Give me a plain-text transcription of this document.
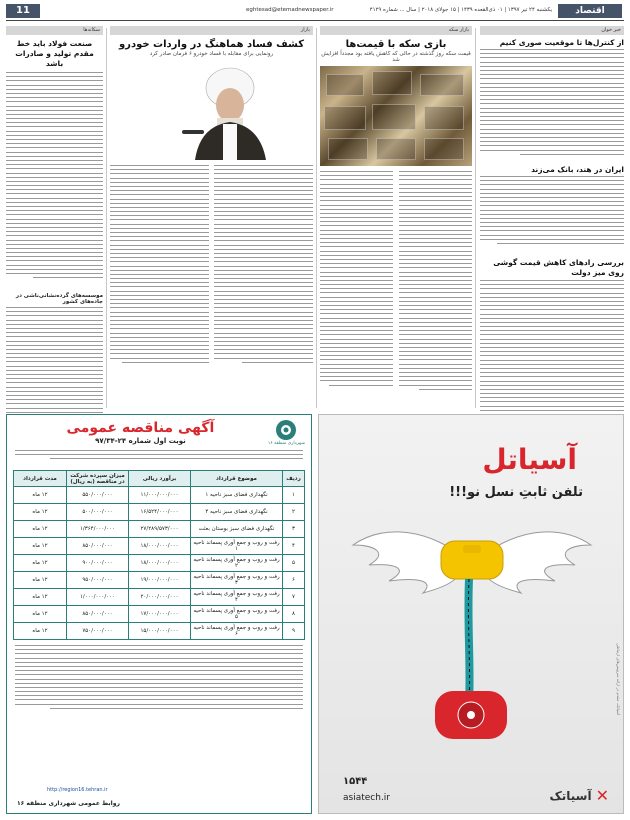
اقتصاد
یکشنبه ۲۴ تیر ۱۳۹۷ | ۰۱ ذی‌القعده ۱۴۳۹ | ۱۵ جولای ۲۰۱۸ | سال ... شماره ۴۱۲۹
eghtesad@etemadnewspaper.ir
11
خبر خوان
از کنترل‌ها تا موقعیت صوری کنیم
ایران در هند، بانک می‌زند
بررسی رادهای کاهش قیمت گوشی روی میز دولت
بازار سکه
بازی سکه با قیمت‌ها
قیمت سکه روز گذشته در حالی که کاهش یافته بود مجدداً افزایش شد
بازار
کشف فساد هماهنگ در واردات خودرو
رونمایی برای مقابله با فساد خودرو ۶ فرمان صادر کرد
سکانه‌ها
صنعت فولاد باید خط مقدم تولید و صادرات باشد
موسسه‌های گرده‌نشانی‌ناشی در جاده‌های کشور
آسیاتل
تلفن ثابتِ نسل نو!!!
asiatech.ir
۱۵۴۴
✕
آسیاتک
آسیاتک، مقدم در ارائه سرویس‌های ارتباطی
شهرداری منطقه ۱۶
آگهی مناقصه عمومی
نوبت اول شماره ۲۴-۹۷/۳۴
ردیف	موضوع قرارداد	برآورد ریالی	میزان سپرده شرکت در مناقصه (به ریال)	مدت قرارداد
۱	نگهداری فضای سبز ناحیه ۱	۱۱/۰۰۰/۰۰۰/۰۰۰	۵۵۰/۰۰۰/۰۰۰	۱۲ ماه
۲	نگهداری فضای سبز ناحیه ۴	۱۶/۵۲۴/۰۰۰/۰۰۰	۵۰۰/۰۰۰/۰۰۰	۱۲ ماه
۳	نگهداری فضای سبز بوستان بعثت	۲۷/۲۸۹/۵۷۳/۰۰۰	۱/۳۶۴/۰۰۰/۰۰۰	۱۲ ماه
۴	رفت و روب و جمع آوری پسماند ناحیه ۱	۱۸/۰۰۰/۰۰۰/۰۰۰	۸۵۰/۰۰۰/۰۰۰	۱۲ ماه
۵	رفت و روب و جمع آوری پسماند ناحیه ۲	۱۸/۰۰۰/۰۰۰/۰۰۰	۹۰۰/۰۰۰/۰۰۰	۱۲ ماه
۶	رفت و روب و جمع آوری پسماند ناحیه ۳	۱۹/۰۰۰/۰۰۰/۰۰۰	۹۵۰/۰۰۰/۰۰۰	۱۲ ماه
۷	رفت و روب و جمع آوری پسماند ناحیه ۴	۲۰/۰۰۰/۰۰۰/۰۰۰	۱/۰۰۰/۰۰۰/۰۰۰	۱۲ ماه
۸	رفت و روب و جمع آوری پسماند ناحیه ۵	۱۷/۰۰۰/۰۰۰/۰۰۰	۸۵۰/۰۰۰/۰۰۰	۱۲ ماه
۹	رفت و روب و جمع آوری پسماند ناحیه ۶	۱۵/۰۰۰/۰۰۰/۰۰۰	۷۵۰/۰۰۰/۰۰۰	۱۲ ماه
http://region16.tehran.ir
روابط عمومی شهرداری منطقه ۱۶
